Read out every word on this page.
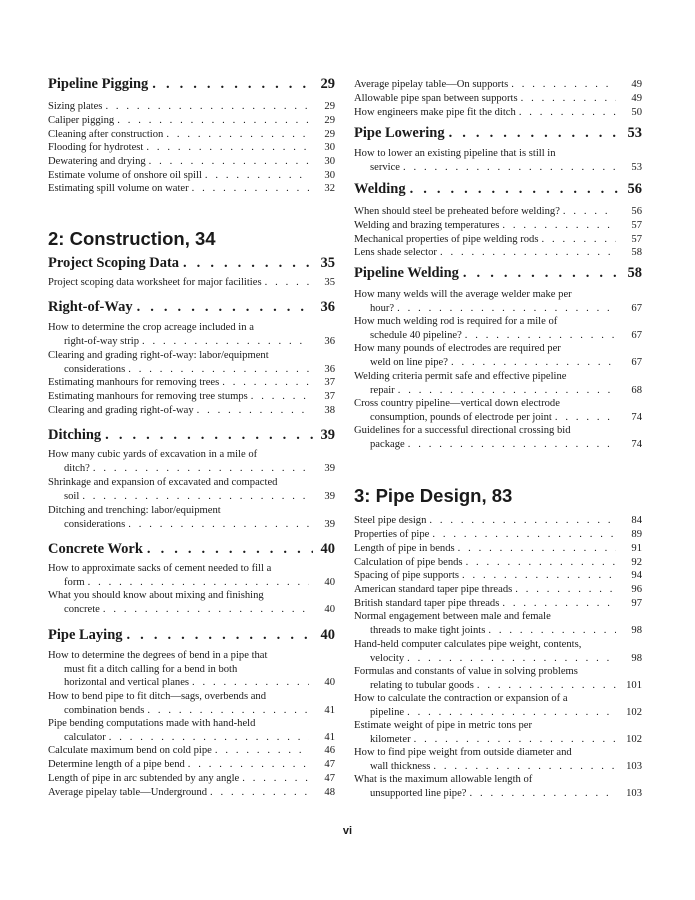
Pipeline Pigging . . .	29
Sizing plates . . .	29
Caliper pigging . . .	29
Cleaning after construction . . .	29
Flooding for hydrotest . . .	30
Dewatering and drying . . .	30
Estimate volume of onshore oil spill . . .	30
Estimating spill volume on water . . .	32
2: Construction, 34
Project Scoping Data . . .	35
Project scoping data worksheet for major facilities . . .	35
Right-of-Way . . .	36
How to determine the crop acreage included in a
right-of-way strip . . .	36
Clearing and grading right-of-way: labor/equipment
considerations . . .	36
Estimating manhours for removing trees . . .	37
Estimating manhours for removing tree stumps . . .	37
Clearing and grading right-of-way . . .	38
Ditching . . .	39
How many cubic yards of excavation in a mile of
ditch? . . .	39
Shrinkage and expansion of excavated and compacted
soil . . .	39
Ditching and trenching: labor/equipment
considerations . . .	39
Concrete Work . . .	40
How to approximate sacks of cement needed to fill a
form . . .	40
What you should know about mixing and finishing
concrete . . .	40
Pipe Laying . . .	40
How to determine the degrees of bend in a pipe that
must fit a ditch calling for a bend in both
horizontal and vertical planes . . .	40
How to bend pipe to fit ditch—sags, overbends and
combination bends . . .	41
Pipe bending computations made with hand-held
calculator . . .	41
Calculate maximum bend on cold pipe . . .	46
Determine length of a pipe bend . . .	47
Length of pipe in arc subtended by any angle . . .	47
Average pipelay table—Underground . . .	48
Average pipelay table—On supports . . .	49
Allowable pipe span between supports . . .	49
How engineers make pipe fit the ditch . . .	50
Pipe Lowering . . .	53
How to lower an existing pipeline that is still in
service . . .	53
Welding . . .	56
When should steel be preheated before welding? . . .	56
Welding and brazing temperatures . . .	57
Mechanical properties of pipe welding rods . . .	57
Lens shade selector . . .	58
Pipeline Welding . . .	58
How many welds will the average welder make per
hour? . . .	67
How much welding rod is required for a mile of
schedule 40 pipeline? . . .	67
How many pounds of electrodes are required per
weld on line pipe? . . .	67
Welding criteria permit safe and effective pipeline
repair . . .	68
Cross country pipeline—vertical down electrode
consumption, pounds of electrode per joint . . .	74
Guidelines for a successful directional crossing bid
package . . .	74
3: Pipe Design, 83
Steel pipe design . . .	84
Properties of pipe . . .	89
Length of pipe in bends . . .	91
Calculation of pipe bends . . .	92
Spacing of pipe supports . . .	94
American standard taper pipe threads . . .	96
British standard taper pipe threads . . .	97
Normal engagement between male and female
threads to make tight joints . . .	98
Hand-held computer calculates pipe weight, contents,
velocity . . .	98
Formulas and constants of value in solving problems
relating to tubular goods . . .	101
How to calculate the contraction or expansion of a
pipeline . . .	102
Estimate weight of pipe in metric tons per
kilometer . . .	102
How to find pipe weight from outside diameter and
wall thickness . . .	103
What is the maximum allowable length of
unsupported line pipe? . . .	103
vi
